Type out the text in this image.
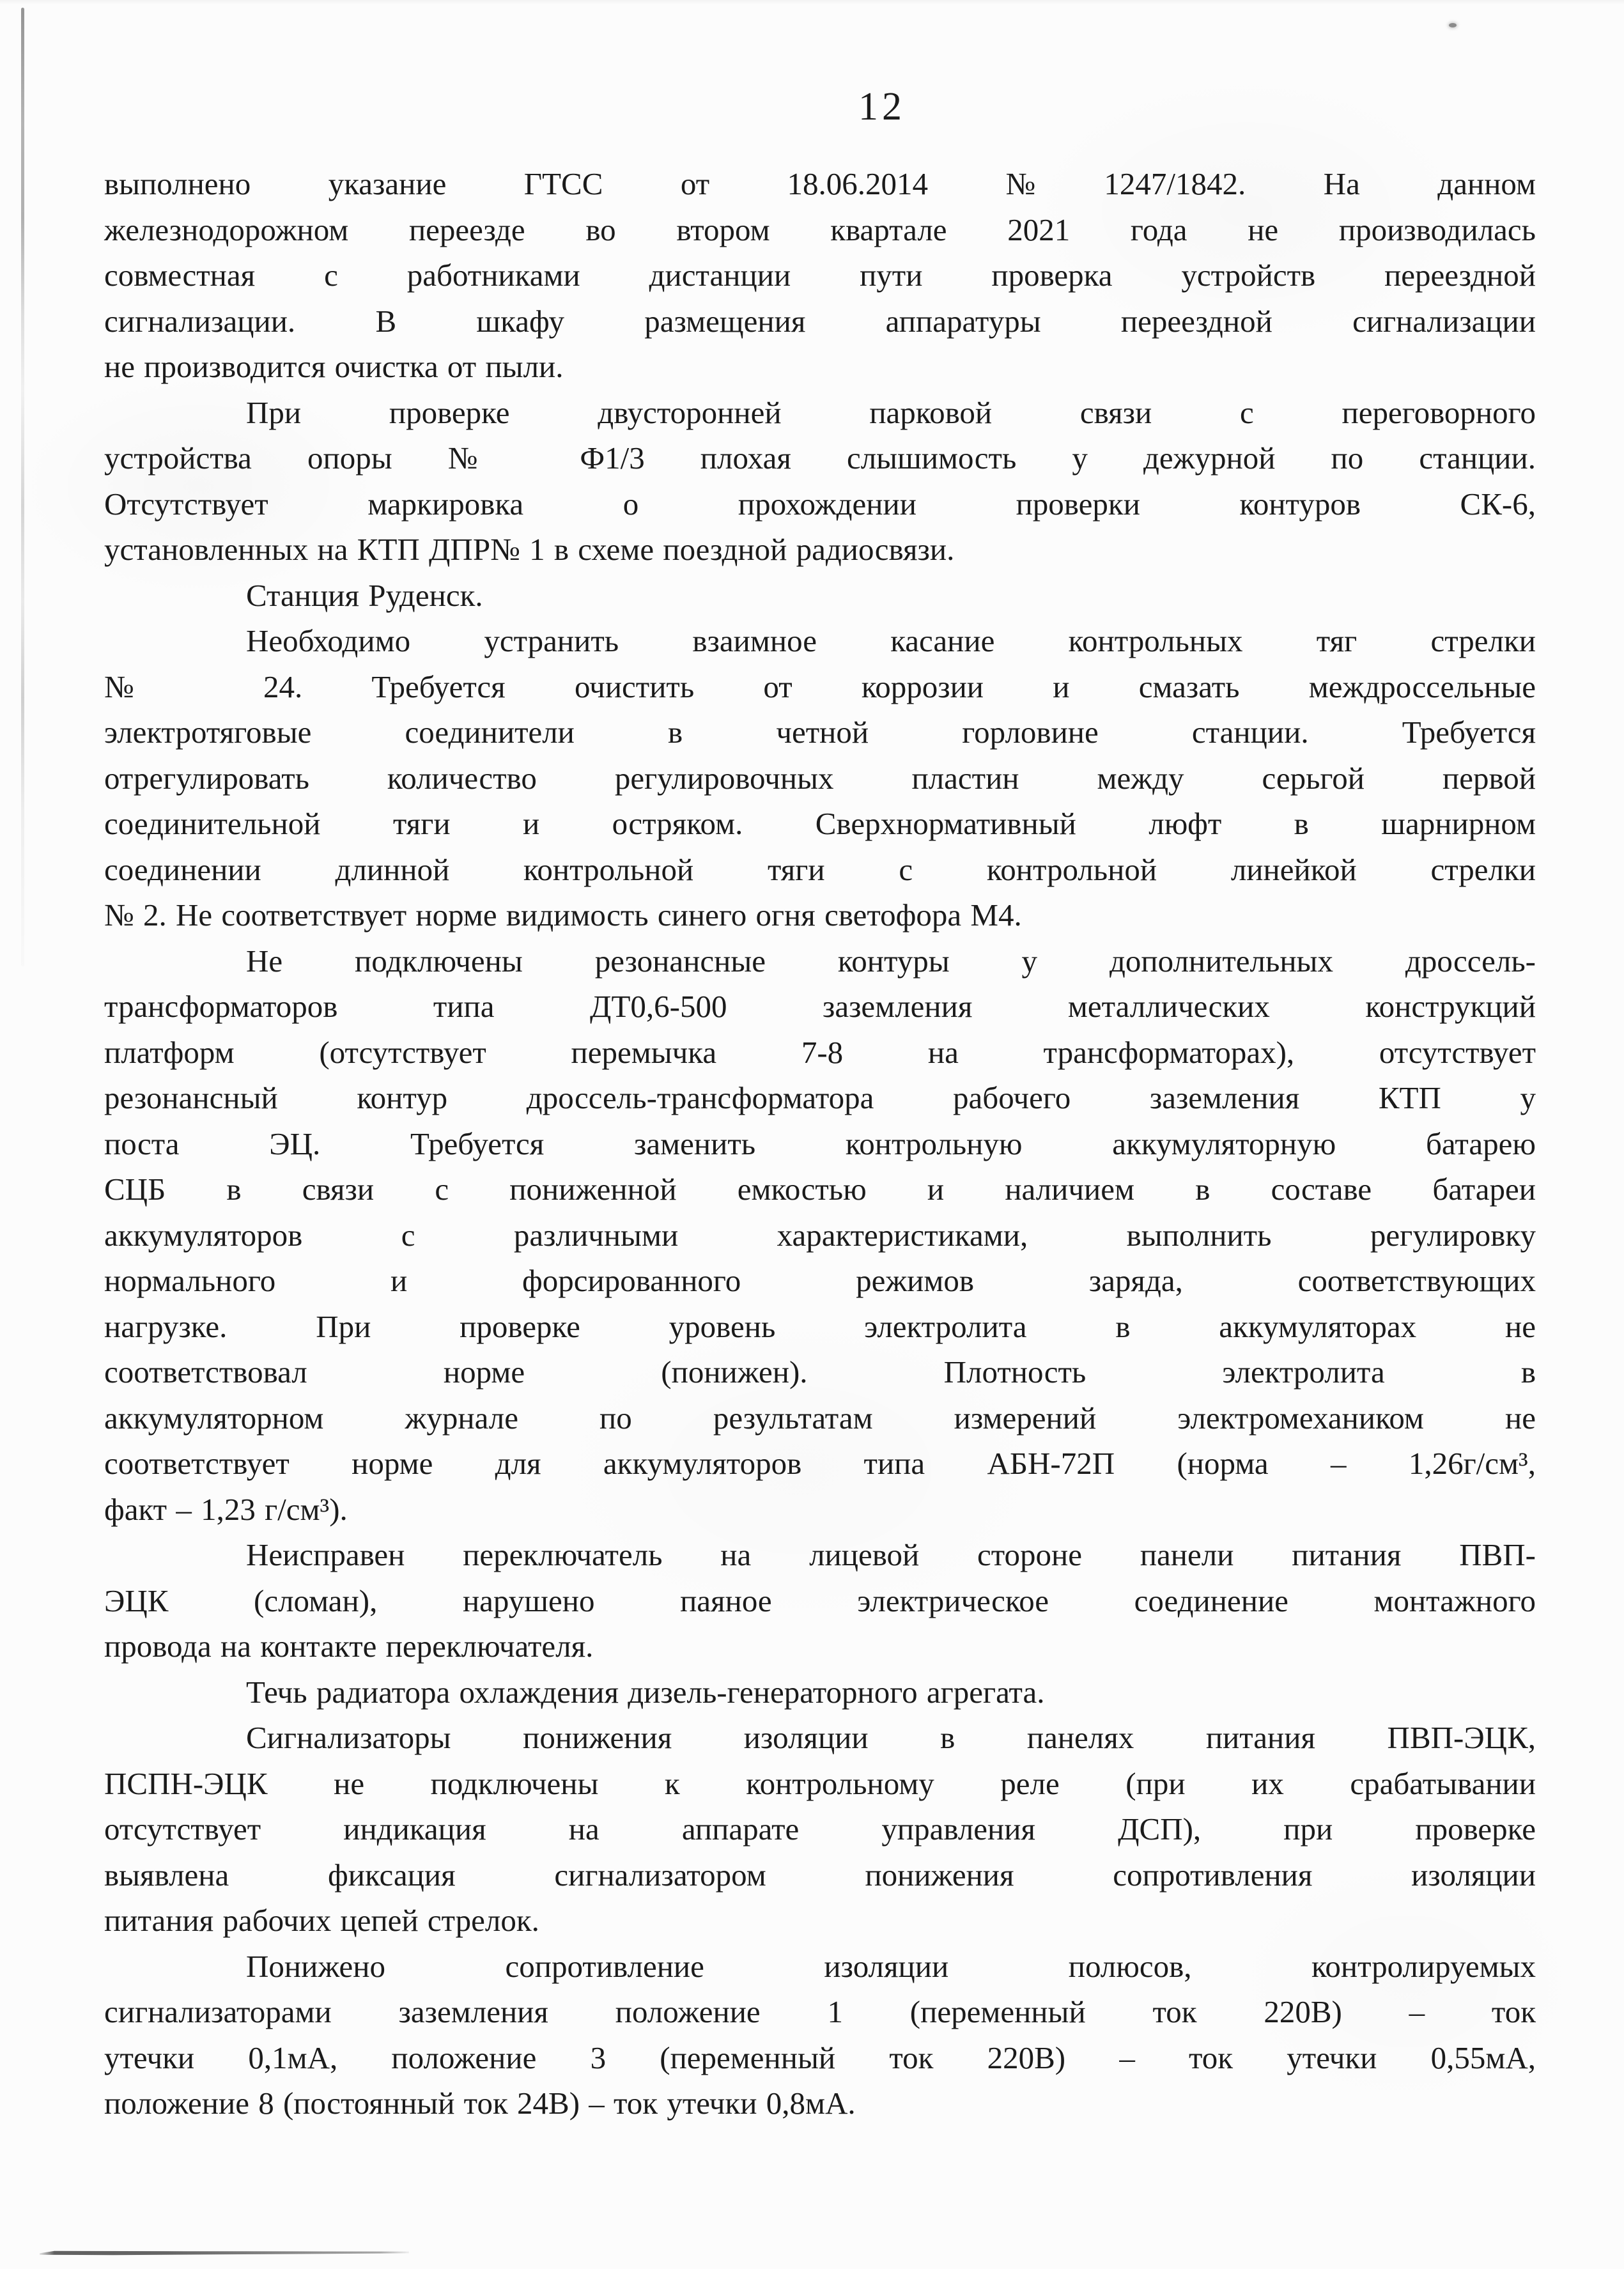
12
выполнено указание ГТСС от 18.06.2014 №1247/1842. На данном
железнодорожном переезде во втором квартале 2021 года не производилась
совместная с работниками дистанции пути проверка устройств переездной
сигнализации. В шкафу размещения аппаратуры переездной сигнализации
не производится очистка от пыли.
При проверке двусторонней парковой связи с переговорного
устройства опоры № Ф1/3 плохая слышимость у дежурной по станции.
Отсутствует маркировка о прохождении проверки контуров СК-6,
установленных на КТП ДПР№ 1 в схеме поездной радиосвязи.
Станция Руденск.
Необходимо устранить взаимное касание контрольных тяг стрелки
№ 24. Требуется очистить от коррозии и смазать междроссельные
электротяговые соединители в четной горловине станции. Требуется
отрегулировать количество регулировочных пластин между серьгой первой
соединительной тяги и остряком. Сверхнормативный люфт в шарнирном
соединении длинной контрольной тяги с контрольной линейкой стрелки
№ 2. Не соответствует норме видимость синего огня светофора М4.
Не подключены резонансные контуры у дополнительных дроссель-
трансформаторов типа ДТ0,6-500 заземления металлических конструкций
платформ (отсутствует перемычка 7-8 на трансформаторах), отсутствует
резонансный контур дроссель-трансформатора рабочего заземления КТП у
поста ЭЦ. Требуется заменить контрольную аккумуляторную батарею
СЦБ в связи с пониженной емкостью и наличием в составе батареи
аккумуляторов с различными характеристиками, выполнить регулировку
нормального и форсированного режимов заряда, соответствующих
нагрузке. При проверке уровень электролита в аккумуляторах не
соответствовал норме (понижен). Плотность электролита в
аккумуляторном журнале по результатам измерений электромехаником не
соответствует норме для аккумуляторов типа АБН-72П (норма – 1,26г/см³,
факт – 1,23 г/см³).
Неисправен переключатель на лицевой стороне панели питания ПВП-
ЭЦК (сломан), нарушено паяное электрическое соединение монтажного
провода на контакте переключателя.
Течь радиатора охлаждения дизель-генераторного агрегата.
Сигнализаторы понижения изоляции в панелях питания ПВП-ЭЦК,
ПСПН-ЭЦК не подключены к контрольному реле (при их срабатывании
отсутствует индикация на аппарате управления ДСП), при проверке
выявлена фиксация сигнализатором понижения сопротивления изоляции
питания рабочих цепей стрелок.
Понижено сопротивление изоляции полюсов, контролируемых
сигнализаторами заземления положение 1 (переменный ток 220В) – ток
утечки 0,1мА, положение 3 (переменный ток 220В) – ток утечки 0,55мА,
положение 8 (постоянный ток 24В) – ток утечки 0,8мА.
